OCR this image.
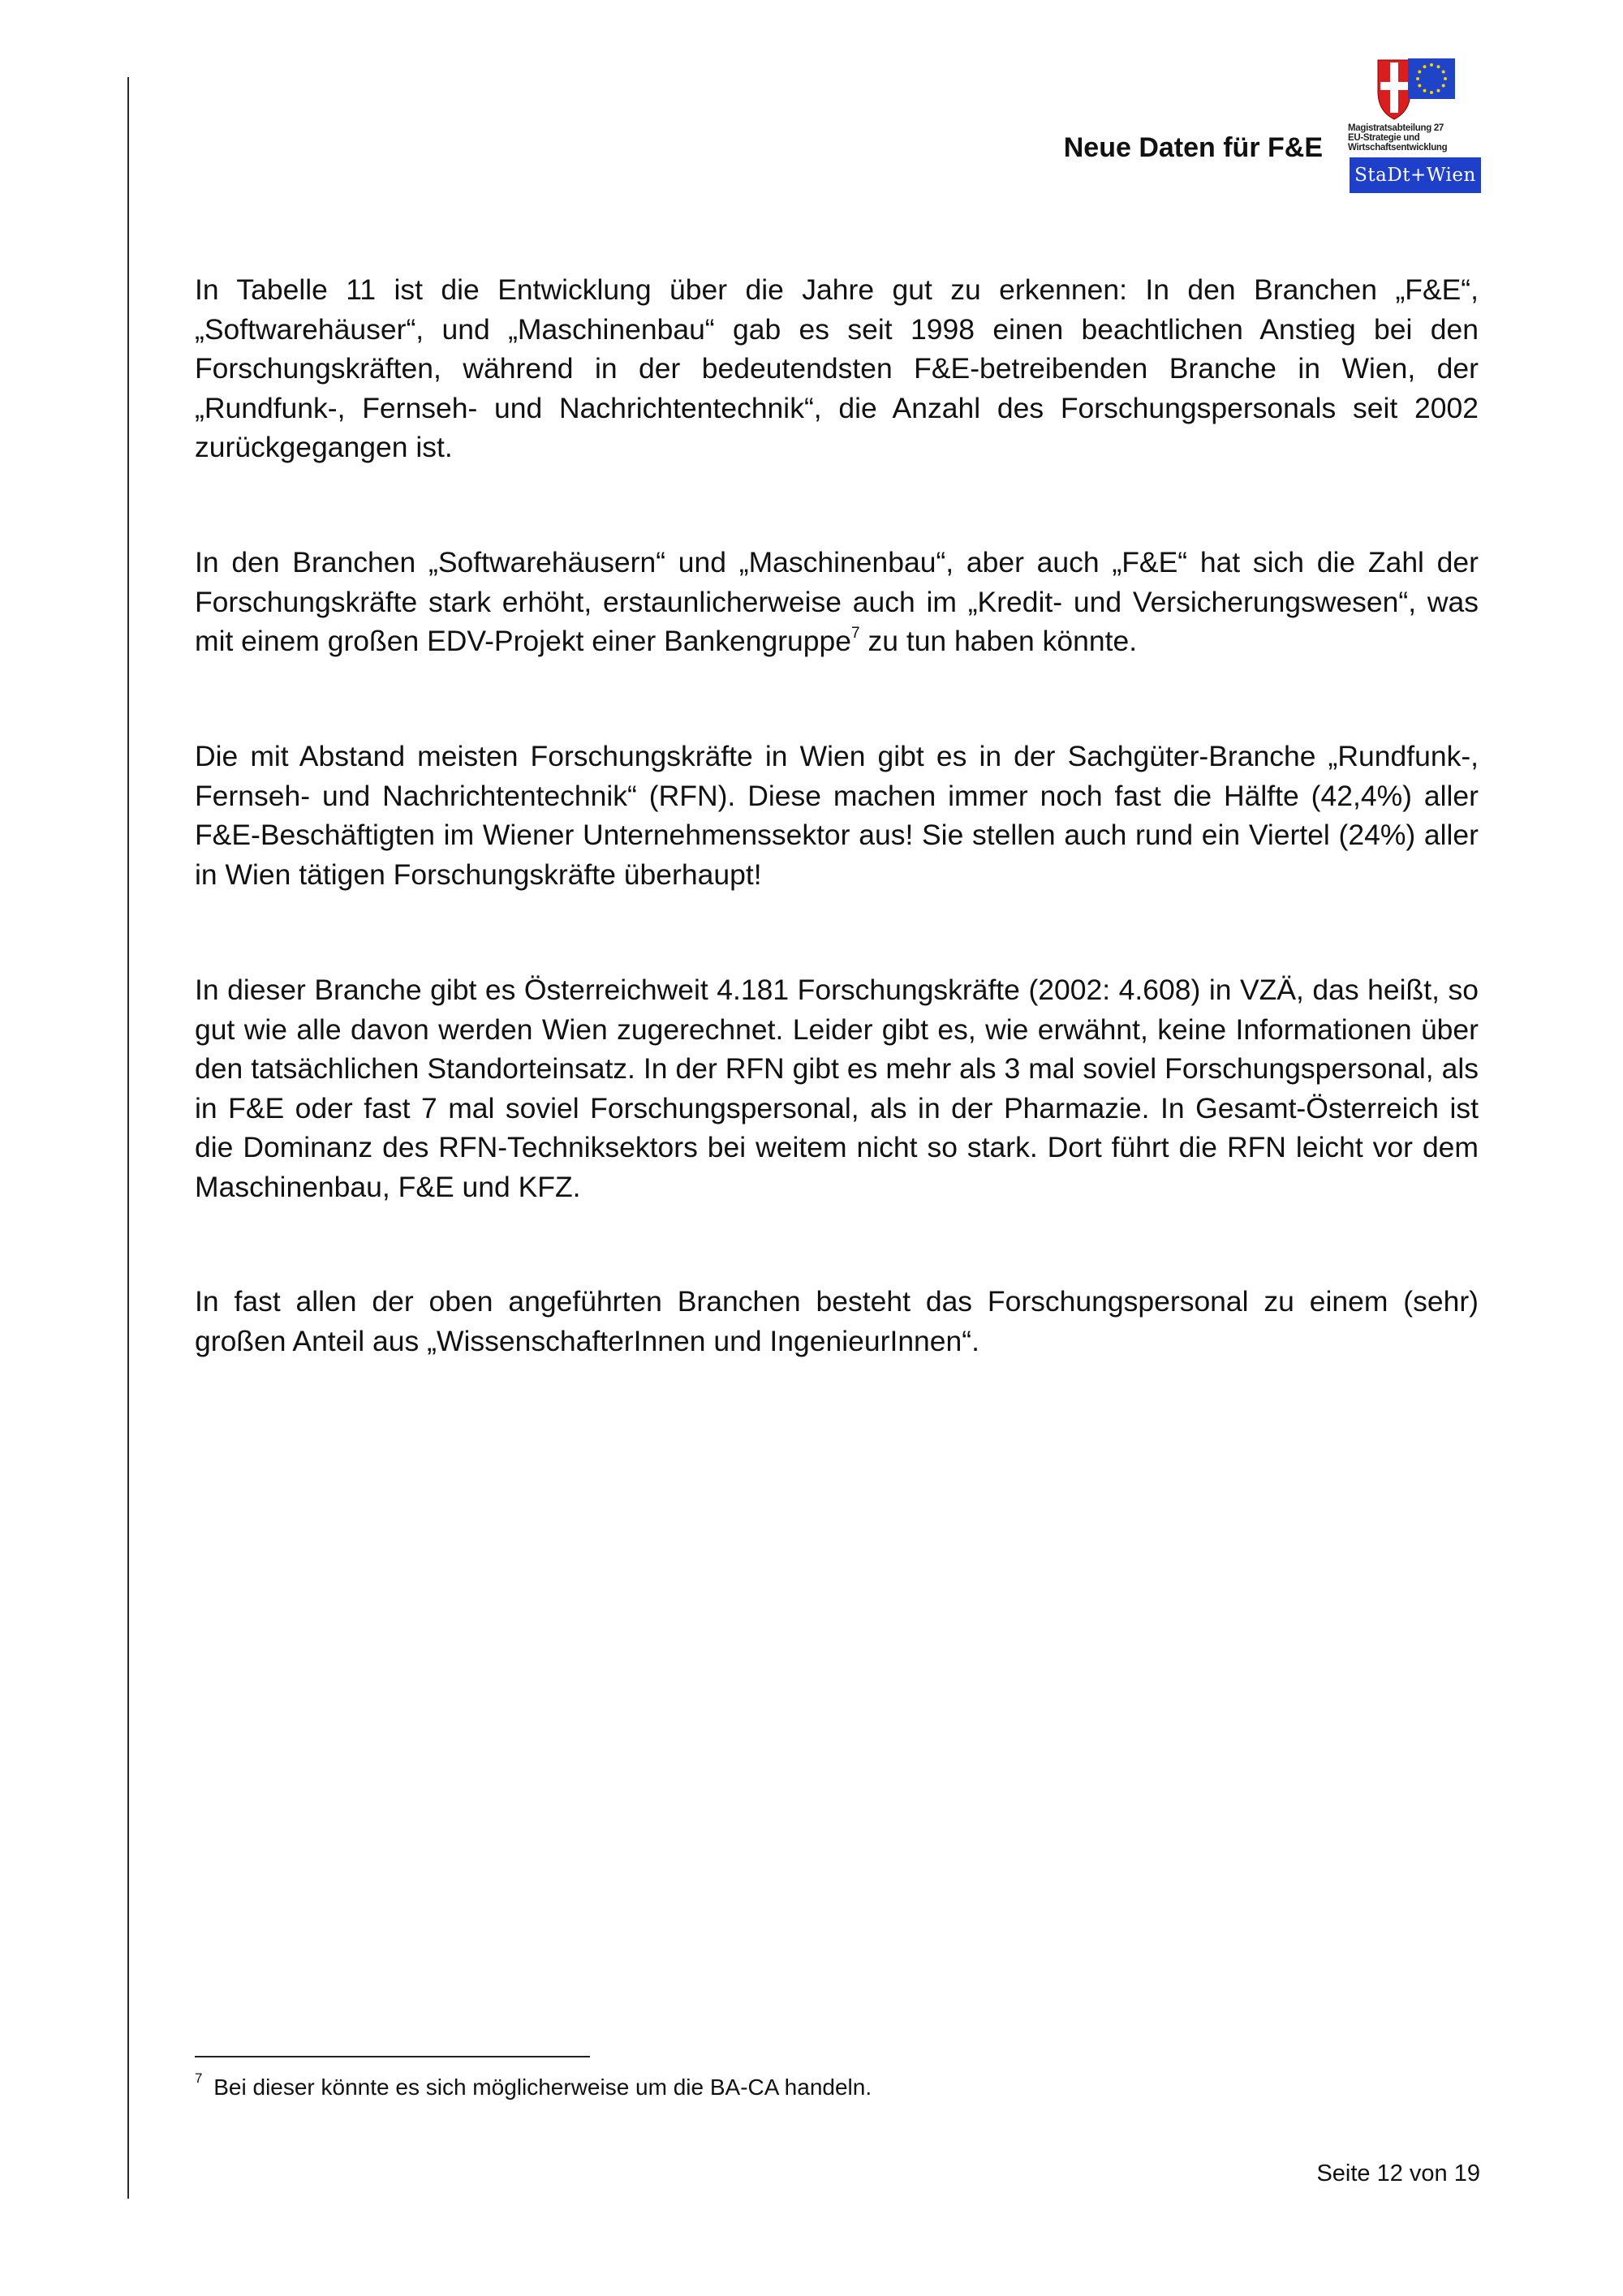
Neue Daten für F&E
Magistratsabteilung 27
EU-Strategie und
Wirtschaftsentwicklung
StaDt+Wien

In Tabelle 11 ist die Entwicklung über die Jahre gut zu erkennen: In den Branchen „F&E“, „Softwarehäuser“, und „Maschinenbau“ gab es seit 1998 einen beachtlichen Anstieg bei den Forschungskräften, während in der bedeutendsten F&E-betreibenden Branche in Wien, der „Rundfunk-, Fernseh- und Nachrichtentechnik“, die Anzahl des Forschungspersonals seit 2002 zurückgegangen ist.

In den Branchen „Softwarehäusern“ und „Maschinenbau“, aber auch „F&E“ hat sich die Zahl der Forschungskräfte stark erhöht, erstaunlicherweise auch im „Kredit- und Versicherungswesen“, was mit einem großen EDV-Projekt einer Bankengruppe$^7$ zu tun haben könnte.

Die mit Abstand meisten Forschungskräfte in Wien gibt es in der Sachgüter-Branche „Rundfunk-, Fernseh- und Nachrichtentechnik“ (RFN). Diese machen immer noch fast die Hälfte (42,4%) aller F&E-Beschäftigten im Wiener Unternehmenssektor aus! Sie stellen auch rund ein Viertel (24%) aller in Wien tätigen Forschungskräfte überhaupt!

In dieser Branche gibt es Österreichweit 4.181 Forschungskräfte (2002: 4.608) in VZÄ, das heißt, so gut wie alle davon werden Wien zugerechnet. Leider gibt es, wie erwähnt, keine Informationen über den tatsächlichen Standorteinsatz. In der RFN gibt es mehr als 3 mal soviel Forschungspersonal, als in F&E oder fast 7 mal soviel Forschungspersonal, als in der Pharmazie. In Gesamt-Österreich ist die Dominanz des RFN-Techniksektors bei weitem nicht so stark. Dort führt die RFN leicht vor dem Maschinenbau, F&E und KFZ.

In fast allen der oben angeführten Branchen besteht das Forschungspersonal zu einem (sehr) großen Anteil aus „WissenschafterInnen und IngenieurInnen“.

$^7$ Bei dieser könnte es sich möglicherweise um die BA-CA handeln.
Seite 12 von 19
